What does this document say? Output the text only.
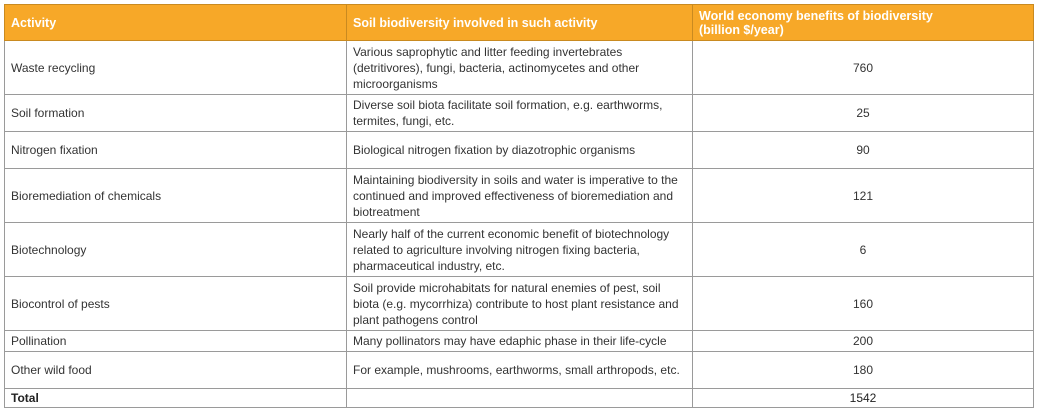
Activity	Soil biodiversity involved in such activity	World economy benefits of biodiversity
(billion $/year)
Waste recycling	Various saprophytic and litter feeding invertebrates (detritivores), fungi, bacteria, actinomycetes and other microorganisms	760
Soil formation	Diverse soil biota facilitate soil formation, e.g. earthworms, termites, fungi, etc.	25
Nitrogen fixation	Biological nitrogen fixation by diazotrophic organisms	90
Bioremediation of chemicals	Maintaining biodiversity in soils and water is imperative to the continued and improved effectiveness of bioremediation and biotreatment	121
Biotechnology	Nearly half of the current economic benefit of biotechnology related to agriculture involving nitrogen fixing bacteria, pharmaceutical industry, etc.	6
Biocontrol of pests	Soil provide microhabitats for natural enemies of pest, soil biota (e.g. mycorrhiza) contribute to host plant resistance and plant pathogens control	160
Pollination	Many pollinators may have edaphic phase in their life-cycle	200
Other wild food	For example, mushrooms, earthworms, small arthropods, etc.	180
Total		1542
